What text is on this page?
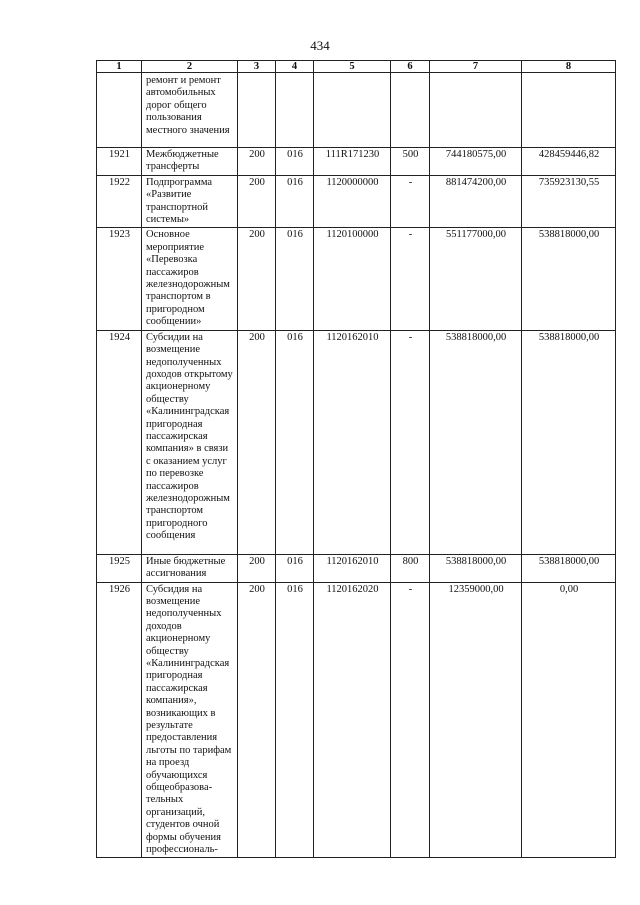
434
1	2	3	4	5	6	7	8
	ремонт и ремонт автомобильных дорог общего пользования местного значения						
1921	Межбюджетные трансферты	200	016	111R171230	500	744180575,00	428459446,82
1922	Подпрограмма «Развитие транспортной системы»	200	016	1120000000	-	881474200,00	735923130,55
1923	Основное мероприятие «Перевозка пассажиров железнодорожным транспортом в пригородном сообщении»	200	016	1120100000	-	551177000,00	538818000,00
1924	Субсидии на возмещение недополученных доходов открытому акционерному обществу «Калининградская пригородная пассажирская компания» в связи с оказанием услуг по перевозке пассажиров железнодорожным транспортом пригородного сообщения	200	016	1120162010	-	538818000,00	538818000,00
1925	Иные бюджетные ассигнования	200	016	1120162010	800	538818000,00	538818000,00
1926	Субсидия на возмещение недополученных доходов акционерному обществу «Калининградская пригородная пассажирская компания», возникающих в результате предоставления льготы по тарифам на проезд обучающихся общеобразова-тельных организаций, студентов очной формы обучения профессиональ-	200	016	1120162020	-	12359000,00	0,00
